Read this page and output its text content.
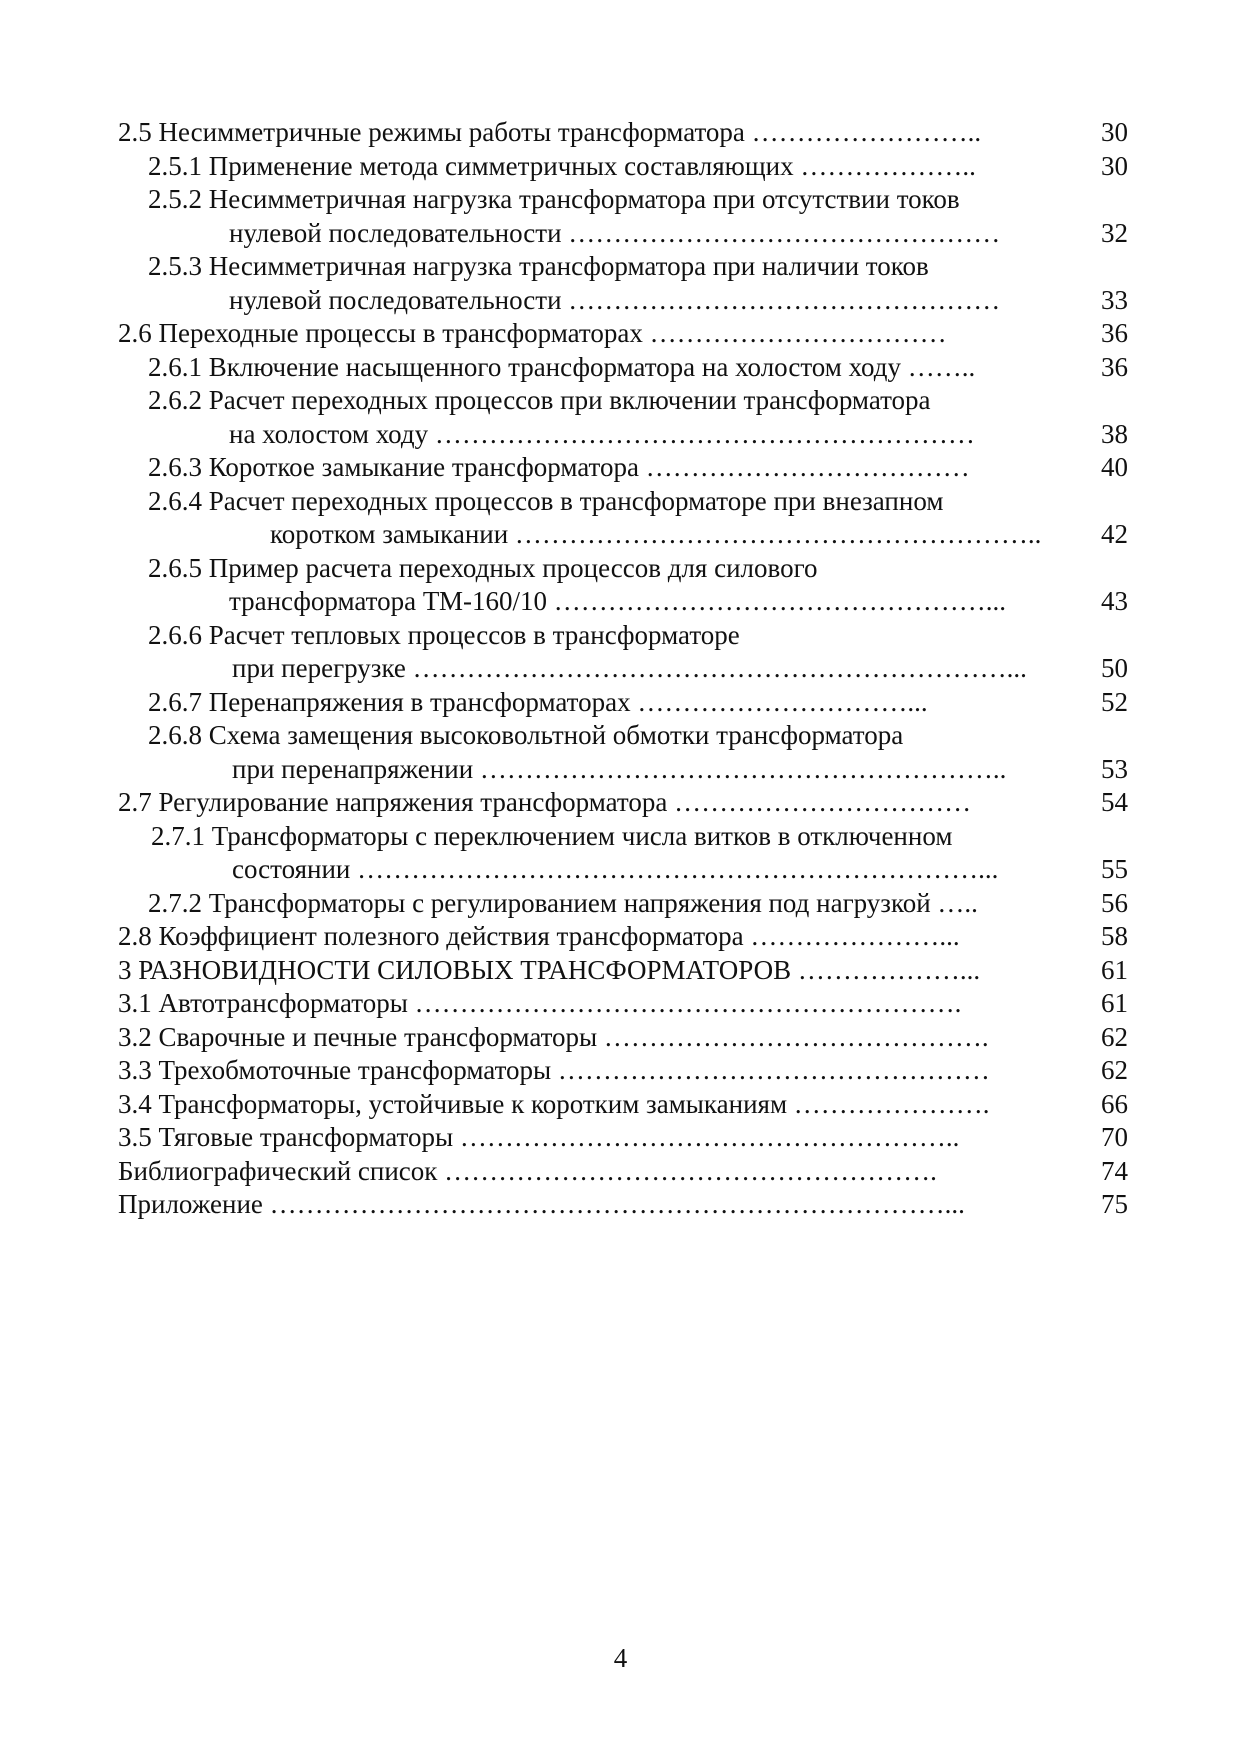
2.5 Несимметричные режимы работы трансформатора ……………………..	30
2.5.1 Применение метода симметричных составляющих ………………..	30
2.5.2 Несимметричная нагрузка трансформатора при отсутствии токов
нулевой последовательности …………………………………………	32
2.5.3 Несимметричная нагрузка трансформатора при наличии токов
нулевой последовательности …………………………………………	33
2.6 Переходные процессы в трансформаторах ……………………………	36
2.6.1 Включение насыщенного трансформатора на холостом ходу ……..	36
2.6.2 Расчет переходных процессов при включении трансформатора
на холостом ходу ……………………………………………………	38
2.6.3 Короткое замыкание трансформатора ………………………………	40
2.6.4 Расчет переходных процессов в трансформаторе при внезапном
коротком замыкании …………………………………………………..	42
2.6.5 Пример расчета переходных процессов для силового
трансформатора ТМ-160/10 …………………………………………...	43
2.6.6 Расчет тепловых процессов в трансформаторе
при перегрузке …………………………………………………………...	50
2.6.7 Перенапряжения в трансформаторах …………………………...	52
2.6.8 Схема замещения высоковольтной обмотки трансформатора
при перенапряжении …………………………………………………..	53
2.7 Регулирование напряжения трансформатора ……………………………	54
2.7.1 Трансформаторы с переключением числа витков в отключенном
состоянии ……………………………………………………………...	55
2.7.2 Трансформаторы с регулированием напряжения под нагрузкой …..	56
2.8 Коэффициент полезного действия трансформатора …………………...	58
3 РАЗНОВИДНОСТИ СИЛОВЫХ ТРАНСФОРМАТОРОВ ………………...	61
3.1 Автотрансформаторы …………………………………………………….	61
3.2 Сварочные и печные трансформаторы …………………………………….	62
3.3 Трехобмоточные трансформаторы …………………………………………	62
3.4 Трансформаторы, устойчивые к коротким замыканиям ………………….	66
3.5 Тяговые трансформаторы ………………………………………………..	70
Библиографический список ……………………………………………….	74
Приложение …………………………………………………………………...	75
4
